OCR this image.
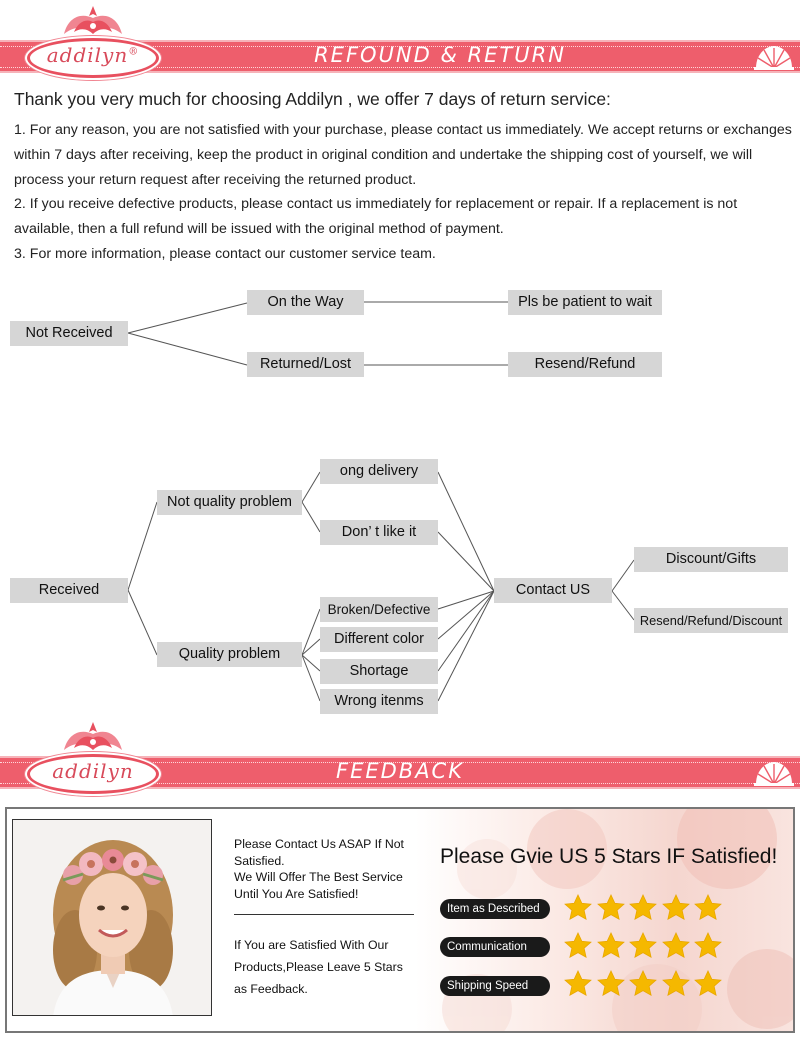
addilyn®	REFOUND & RETURN
Thank you very much for choosing Addilyn , we offer 7 days of return service:
1. For any reason, you are not satisfied with your purchase, please contact us immediately. We accept returns or exchanges within 7 days after receiving, keep the product in original condition and undertake the shipping cost of yourself, we will process your return request after receiving the returned product.
2. If you receive defective products, please contact us immediately for replacement or repair. If a replacement is not available, then a full refund will be issued with the original method of payment.
3. For more information, please contact our customer service team.
Not Received
On the Way
Returned/Lost
Pls be patient to wait
Resend/Refund
Received
Not quality problem
Quality problem
ong delivery
Don’ t like it
Broken/Defective
Different color
Shortage
Wrong itenms
Contact US
Discount/Gifts
Resend/Refund/Discount
addilyn	FEEDBACK
Please Contact Us ASAP If Not
Satisfied.
We Will Offer The Best Service
Until You Are Satisfied!
If You are Satisfied With Our
Products,Please Leave 5 Stars
as Feedback.
Please Gvie US 5 Stars IF Satisfied!
Item as Described
Communication
Shipping Speed
